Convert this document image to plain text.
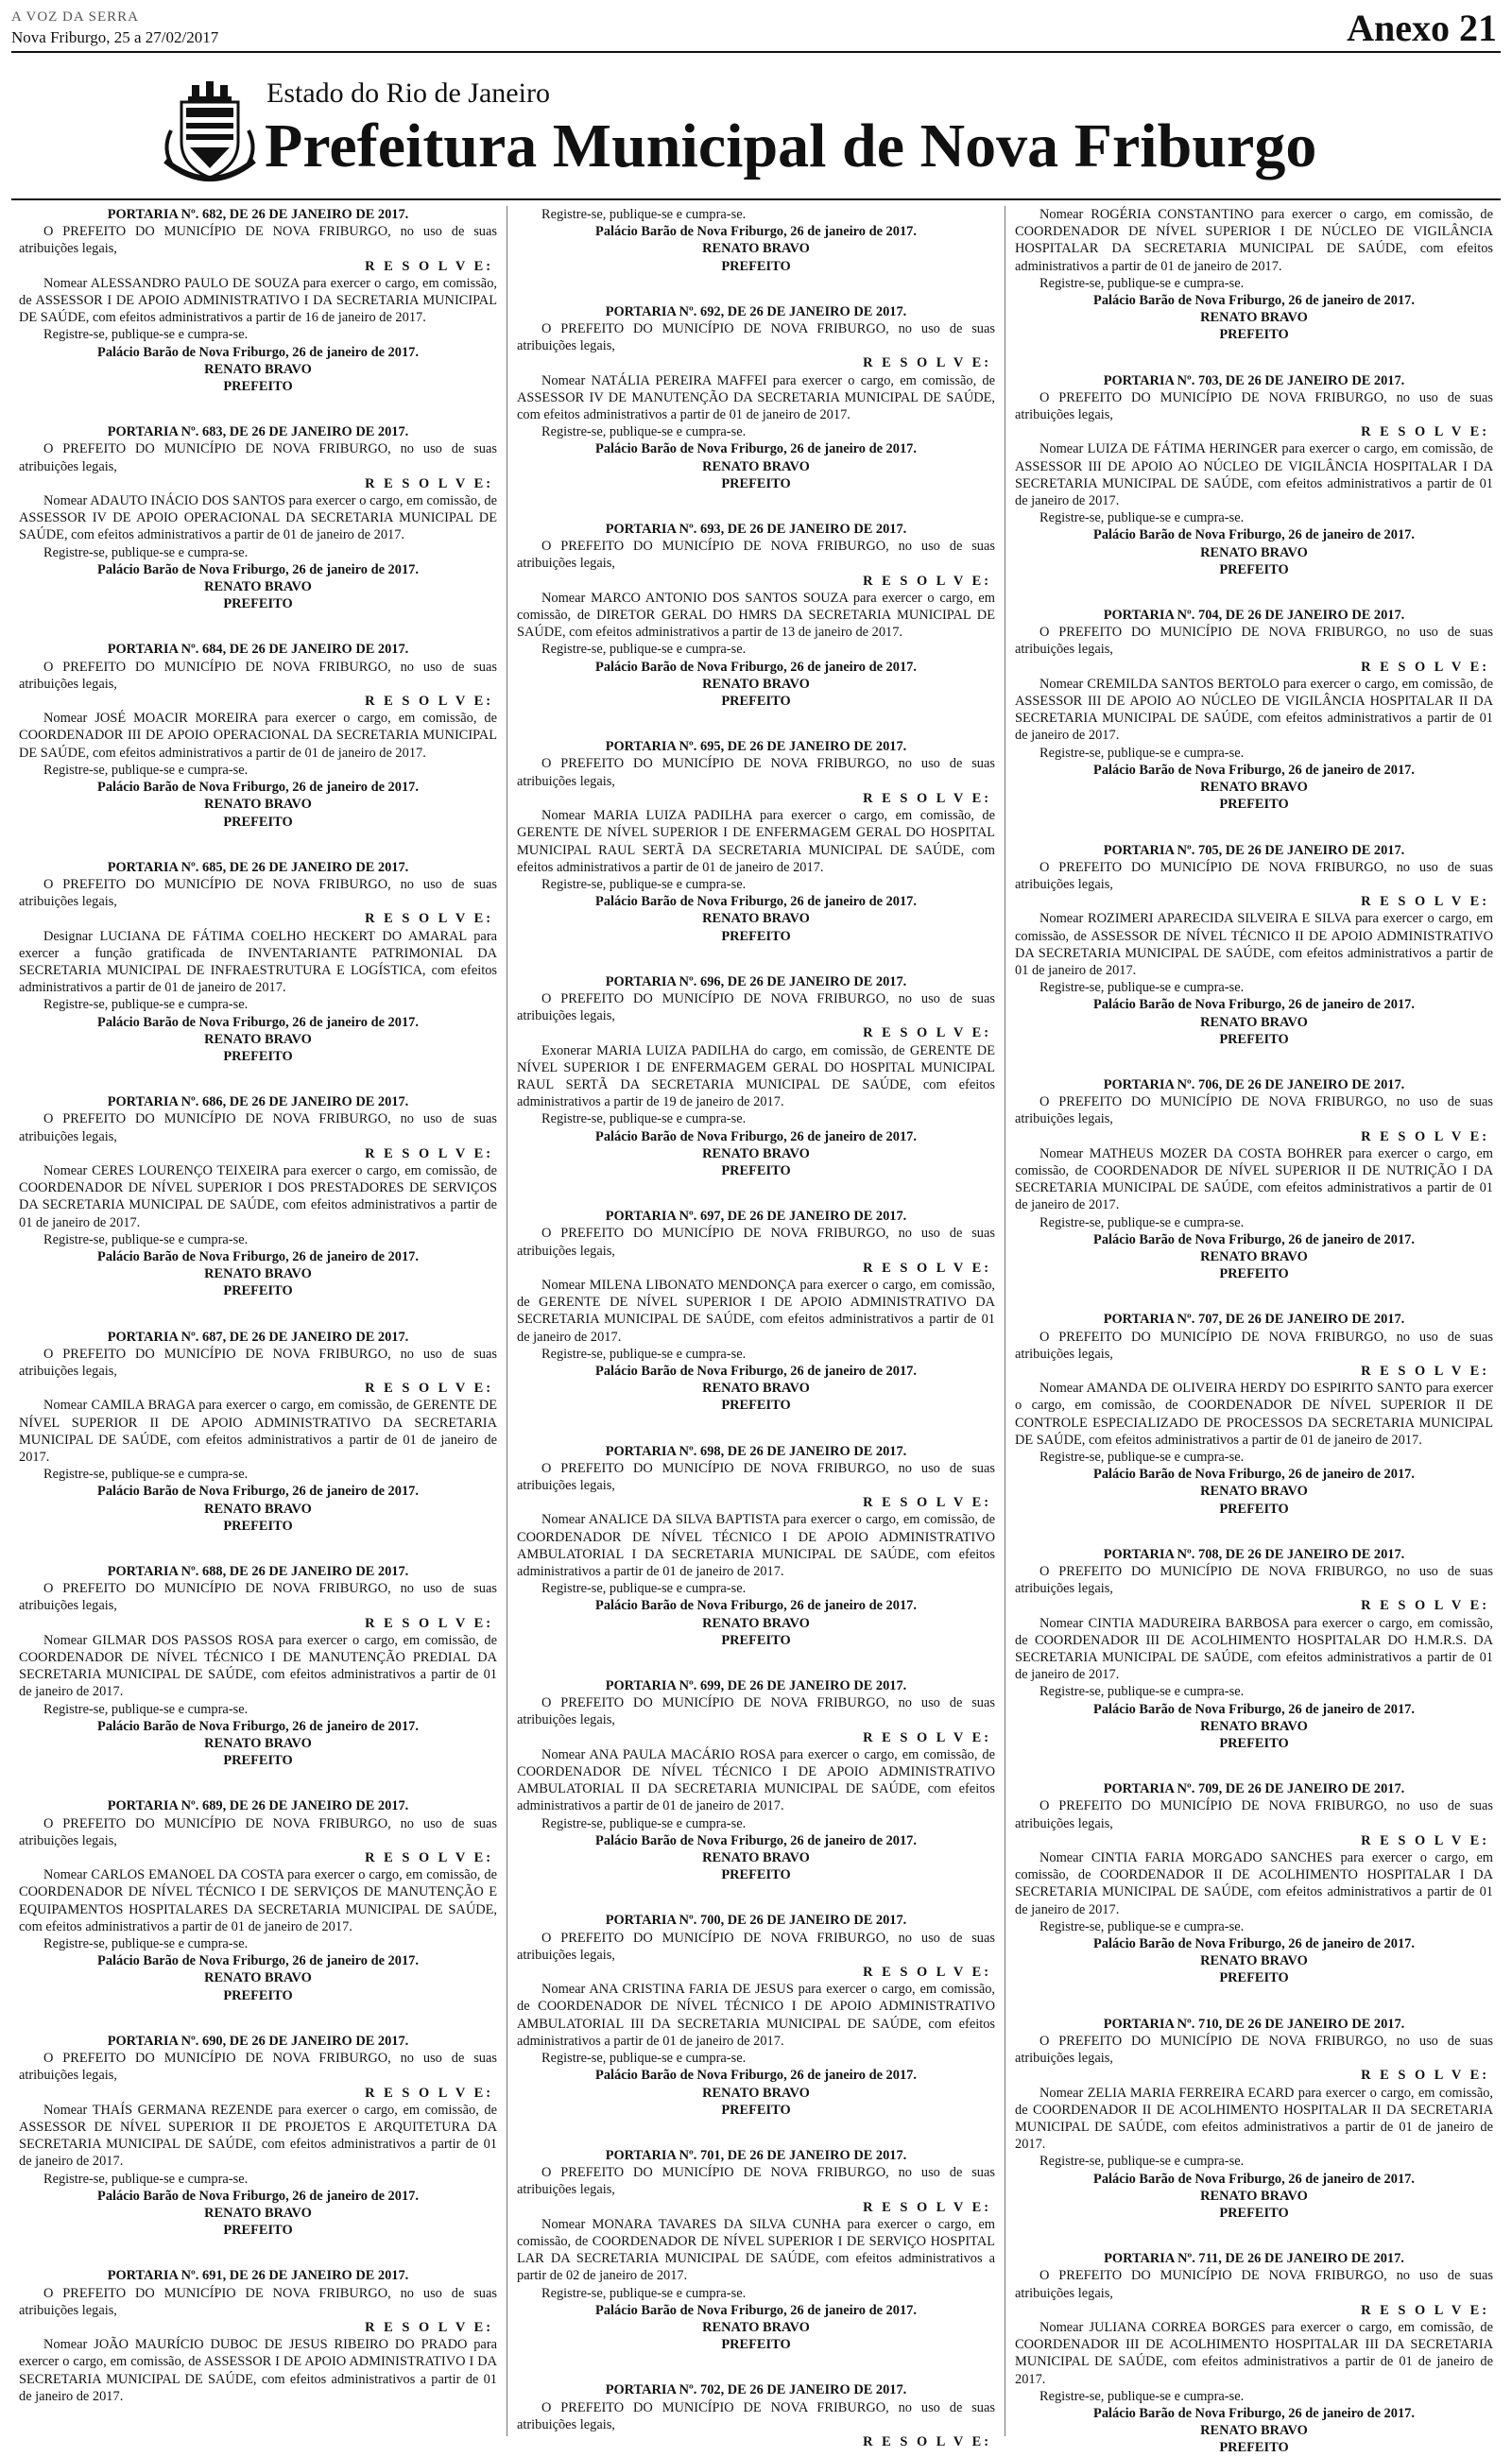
A VOZ DA SERRA
Nova Friburgo, 25 a 27/02/2017	Anexo 21
Estado do Rio de Janeiro
Prefeitura Municipal de Nova Friburgo
PORTARIA Nº. 682, DE 26 DE JANEIRO DE 2017.
O PREFEITO DO MUNICÍPIO DE NOVA FRIBURGO, no uso de suas atribuições legais,
R E S O L V E:
Nomear ALESSANDRO PAULO DE SOUZA para exercer o cargo, em comissão, de ASSESSOR I DE APOIO ADMINISTRATIVO I DA SECRETARIA MUNICIPAL DE SAÚDE, com efeitos administrativos a partir de 16 de janeiro de 2017.
Registre-se, publique-se e cumpra-se.
Palácio Barão de Nova Friburgo, 26 de janeiro de 2017.
RENATO BRAVO
PREFEITO
PORTARIA Nº. 683, DE 26 DE JANEIRO DE 2017.
O PREFEITO DO MUNICÍPIO DE NOVA FRIBURGO, no uso de suas atribuições legais,
R E S O L V E:
Nomear ADAUTO INÁCIO DOS SANTOS para exercer o cargo, em comissão, de ASSESSOR IV DE APOIO OPERACIONAL DA SECRETARIA MUNICIPAL DE SAÚDE, com efeitos administrativos a partir de 01 de janeiro de 2017.
Registre-se, publique-se e cumpra-se.
Palácio Barão de Nova Friburgo, 26 de janeiro de 2017.
RENATO BRAVO
PREFEITO
PORTARIA Nº. 684, DE 26 DE JANEIRO DE 2017.
O PREFEITO DO MUNICÍPIO DE NOVA FRIBURGO, no uso de suas atribuições legais,
R E S O L V E:
Nomear JOSÉ MOACIR MOREIRA para exercer o cargo, em comissão, de COORDENADOR III DE APOIO OPERACIONAL DA SECRETARIA MUNICIPAL DE SAÚDE, com efeitos administrativos a partir de 01 de janeiro de 2017.
Registre-se, publique-se e cumpra-se.
Palácio Barão de Nova Friburgo, 26 de janeiro de 2017.
RENATO BRAVO
PREFEITO
PORTARIA Nº. 685, DE 26 DE JANEIRO DE 2017.
O PREFEITO DO MUNICÍPIO DE NOVA FRIBURGO, no uso de suas atribuições legais,
R E S O L V E:
Designar LUCIANA DE FÁTIMA COELHO HECKERT DO AMARAL para exercer a função gratificada de INVENTARIANTE PATRIMONIAL DA SECRETARIA MUNICIPAL DE INFRAESTRUTURA E LOGÍSTICA, com efeitos administrativos a partir de 01 de janeiro de 2017.
Registre-se, publique-se e cumpra-se.
Palácio Barão de Nova Friburgo, 26 de janeiro de 2017.
RENATO BRAVO
PREFEITO
PORTARIA Nº. 686, DE 26 DE JANEIRO DE 2017.
O PREFEITO DO MUNICÍPIO DE NOVA FRIBURGO, no uso de suas atribuições legais,
R E S O L V E:
Nomear CERES LOURENÇO TEIXEIRA para exercer o cargo, em comissão, de COORDENADOR DE NÍVEL SUPERIOR I DOS PRESTADORES DE SERVIÇOS DA SECRETARIA MUNICIPAL DE SAÚDE, com efeitos administrativos a partir de 01 de janeiro de 2017.
Registre-se, publique-se e cumpra-se.
Palácio Barão de Nova Friburgo, 26 de janeiro de 2017.
RENATO BRAVO
PREFEITO
PORTARIA Nº. 687, DE 26 DE JANEIRO DE 2017.
O PREFEITO DO MUNICÍPIO DE NOVA FRIBURGO, no uso de suas atribuições legais,
R E S O L V E:
Nomear CAMILA BRAGA para exercer o cargo, em comissão, de GERENTE DE NÍVEL SUPERIOR II DE APOIO ADMINISTRATIVO DA SECRETARIA MUNICIPAL DE SAÚDE, com efeitos administrativos a partir de 01 de janeiro de 2017.
Registre-se, publique-se e cumpra-se.
Palácio Barão de Nova Friburgo, 26 de janeiro de 2017.
RENATO BRAVO
PREFEITO
PORTARIA Nº. 688, DE 26 DE JANEIRO DE 2017.
O PREFEITO DO MUNICÍPIO DE NOVA FRIBURGO, no uso de suas atribuições legais,
R E S O L V E:
Nomear GILMAR DOS PASSOS ROSA para exercer o cargo, em comissão, de COORDENADOR DE NÍVEL TÉCNICO I DE MANUTENÇÃO PREDIAL DA SECRETARIA MUNICIPAL DE SAÚDE, com efeitos administrativos a partir de 01 de janeiro de 2017.
Registre-se, publique-se e cumpra-se.
Palácio Barão de Nova Friburgo, 26 de janeiro de 2017.
RENATO BRAVO
PREFEITO
PORTARIA Nº. 689, DE 26 DE JANEIRO DE 2017.
O PREFEITO DO MUNICÍPIO DE NOVA FRIBURGO, no uso de suas atribuições legais,
R E S O L V E:
Nomear CARLOS EMANOEL DA COSTA para exercer o cargo, em comissão, de COORDENADOR DE NÍVEL TÉCNICO I DE SERVIÇOS DE MANUTENÇÃO E EQUIPAMENTOS HOSPITALARES DA SECRETARIA MUNICIPAL DE SAÚDE, com efeitos administrativos a partir de 01 de janeiro de 2017.
Registre-se, publique-se e cumpra-se.
Palácio Barão de Nova Friburgo, 26 de janeiro de 2017.
RENATO BRAVO
PREFEITO
PORTARIA Nº. 690, DE 26 DE JANEIRO DE 2017.
O PREFEITO DO MUNICÍPIO DE NOVA FRIBURGO, no uso de suas atribuições legais,
R E S O L V E:
Nomear THAÍS GERMANA REZENDE para exercer o cargo, em comissão, de ASSESSOR DE NÍVEL SUPERIOR II DE PROJETOS E ARQUITETURA DA SECRETARIA MUNICIPAL DE SAÚDE, com efeitos administrativos a partir de 01 de janeiro de 2017.
Registre-se, publique-se e cumpra-se.
Palácio Barão de Nova Friburgo, 26 de janeiro de 2017.
RENATO BRAVO
PREFEITO
PORTARIA Nº. 691, DE 26 DE JANEIRO DE 2017.
O PREFEITO DO MUNICÍPIO DE NOVA FRIBURGO, no uso de suas atribuições legais,
R E S O L V E:
Nomear JOÃO MAURÍCIO DUBOC DE JESUS RIBEIRO DO PRADO para exercer o cargo, em comissão, de ASSESSOR I DE APOIO ADMINISTRATIVO I DA SECRETARIA MUNICIPAL DE SAÚDE, com efeitos administrativos a partir de 01 de janeiro de 2017.
Registre-se, publique-se e cumpra-se.
Palácio Barão de Nova Friburgo, 26 de janeiro de 2017.
RENATO BRAVO
PREFEITO
PORTARIA Nº. 692, DE 26 DE JANEIRO DE 2017.
O PREFEITO DO MUNICÍPIO DE NOVA FRIBURGO, no uso de suas atribuições legais,
R E S O L V E:
Nomear NATÁLIA PEREIRA MAFFEI para exercer o cargo, em comissão, de ASSESSOR IV DE MANUTENÇÃO DA SECRETARIA MUNICIPAL DE SAÚDE, com efeitos administrativos a partir de 01 de janeiro de 2017.
Registre-se, publique-se e cumpra-se.
Palácio Barão de Nova Friburgo, 26 de janeiro de 2017.
RENATO BRAVO
PREFEITO
PORTARIA Nº. 693, DE 26 DE JANEIRO DE 2017.
O PREFEITO DO MUNICÍPIO DE NOVA FRIBURGO, no uso de suas atribuições legais,
R E S O L V E:
Nomear MARCO ANTONIO DOS SANTOS SOUZA para exercer o cargo, em comissão, de DIRETOR GERAL DO HMRS DA SECRETARIA MUNICIPAL DE SAÚDE, com efeitos administrativos a partir de 13 de janeiro de 2017.
Registre-se, publique-se e cumpra-se.
Palácio Barão de Nova Friburgo, 26 de janeiro de 2017.
RENATO BRAVO
PREFEITO
PORTARIA Nº. 695, DE 26 DE JANEIRO DE 2017.
O PREFEITO DO MUNICÍPIO DE NOVA FRIBURGO, no uso de suas atribuições legais,
R E S O L V E:
Nomear MARIA LUIZA PADILHA para exercer o cargo, em comissão, de GERENTE DE NÍVEL SUPERIOR I DE ENFERMAGEM GERAL DO HOSPITAL MUNICIPAL RAUL SERTÃ DA SECRETARIA MUNICIPAL DE SAÚDE, com efeitos administrativos a partir de 01 de janeiro de 2017.
Registre-se, publique-se e cumpra-se.
Palácio Barão de Nova Friburgo, 26 de janeiro de 2017.
RENATO BRAVO
PREFEITO
PORTARIA Nº. 696, DE 26 DE JANEIRO DE 2017.
O PREFEITO DO MUNICÍPIO DE NOVA FRIBURGO, no uso de suas atribuições legais,
R E S O L V E:
Exonerar MARIA LUIZA PADILHA do cargo, em comissão, de GERENTE DE NÍVEL SUPERIOR I DE ENFERMAGEM GERAL DO HOSPITAL MUNICIPAL RAUL SERTÃ DA SECRETARIA MUNICIPAL DE SAÚDE, com efeitos administrativos a partir de 19 de janeiro de 2017.
Registre-se, publique-se e cumpra-se.
Palácio Barão de Nova Friburgo, 26 de janeiro de 2017.
RENATO BRAVO
PREFEITO
PORTARIA Nº. 697, DE 26 DE JANEIRO DE 2017.
O PREFEITO DO MUNICÍPIO DE NOVA FRIBURGO, no uso de suas atribuições legais,
R E S O L V E:
Nomear MILENA LIBONATO MENDONÇA para exercer o cargo, em comissão, de GERENTE DE NÍVEL SUPERIOR I DE APOIO ADMINISTRATIVO DA SECRETARIA MUNICIPAL DE SAÚDE, com efeitos administrativos a partir de 01 de janeiro de 2017.
Registre-se, publique-se e cumpra-se.
Palácio Barão de Nova Friburgo, 26 de janeiro de 2017.
RENATO BRAVO
PREFEITO
PORTARIA Nº. 698, DE 26 DE JANEIRO DE 2017.
O PREFEITO DO MUNICÍPIO DE NOVA FRIBURGO, no uso de suas atribuições legais,
R E S O L V E:
Nomear ANALICE DA SILVA BAPTISTA para exercer o cargo, em comissão, de COORDENADOR DE NÍVEL TÉCNICO I DE APOIO ADMINISTRATIVO AMBULATORIAL I DA SECRETARIA MUNICIPAL DE SAÚDE, com efeitos administrativos a partir de 01 de janeiro de 2017.
Registre-se, publique-se e cumpra-se.
Palácio Barão de Nova Friburgo, 26 de janeiro de 2017.
RENATO BRAVO
PREFEITO
PORTARIA Nº. 699, DE 26 DE JANEIRO DE 2017.
O PREFEITO DO MUNICÍPIO DE NOVA FRIBURGO, no uso de suas atribuições legais,
R E S O L V E:
Nomear ANA PAULA MACÁRIO ROSA para exercer o cargo, em comissão, de COORDENADOR DE NÍVEL TÉCNICO I DE APOIO ADMINISTRATIVO AMBULATORIAL II DA SECRETARIA MUNICIPAL DE SAÚDE, com efeitos administrativos a partir de 01 de janeiro de 2017.
Registre-se, publique-se e cumpra-se.
Palácio Barão de Nova Friburgo, 26 de janeiro de 2017.
RENATO BRAVO
PREFEITO
PORTARIA Nº. 700, DE 26 DE JANEIRO DE 2017.
O PREFEITO DO MUNICÍPIO DE NOVA FRIBURGO, no uso de suas atribuições legais,
R E S O L V E:
Nomear ANA CRISTINA FARIA DE JESUS para exercer o cargo, em comissão, de COORDENADOR DE NÍVEL TÉCNICO I DE APOIO ADMINISTRATIVO AMBULATORIAL III DA SECRETARIA MUNICIPAL DE SAÚDE, com efeitos administrativos a partir de 01 de janeiro de 2017.
Registre-se, publique-se e cumpra-se.
Palácio Barão de Nova Friburgo, 26 de janeiro de 2017.
RENATO BRAVO
PREFEITO
PORTARIA Nº. 701, DE 26 DE JANEIRO DE 2017.
O PREFEITO DO MUNICÍPIO DE NOVA FRIBURGO, no uso de suas atribuições legais,
R E S O L V E:
Nomear MONARA TAVARES DA SILVA CUNHA para exercer o cargo, em comissão, de COORDENADOR DE NÍVEL SUPERIOR I DE SERVIÇO HOSPITAL LAR DA SECRETARIA MUNICIPAL DE SAÚDE, com efeitos administrativos a partir de 02 de janeiro de 2017.
Registre-se, publique-se e cumpra-se.
Palácio Barão de Nova Friburgo, 26 de janeiro de 2017.
RENATO BRAVO
PREFEITO
PORTARIA Nº. 702, DE 26 DE JANEIRO DE 2017.
O PREFEITO DO MUNICÍPIO DE NOVA FRIBURGO, no uso de suas atribuições legais,
R E S O L V E:
Nomear ROGÉRIA CONSTANTINO para exercer o cargo, em comissão, de COORDENADOR DE NÍVEL SUPERIOR I DE NÚCLEO DE VIGILÂNCIA HOSPITALAR DA SECRETARIA MUNICIPAL DE SAÚDE, com efeitos administrativos a partir de 01 de janeiro de 2017.
Registre-se, publique-se e cumpra-se.
Palácio Barão de Nova Friburgo, 26 de janeiro de 2017.
RENATO BRAVO
PREFEITO
PORTARIA Nº. 703, DE 26 DE JANEIRO DE 2017.
O PREFEITO DO MUNICÍPIO DE NOVA FRIBURGO, no uso de suas atribuições legais,
R E S O L V E:
Nomear LUIZA DE FÁTIMA HERINGER para exercer o cargo, em comissão, de ASSESSOR III DE APOIO AO NÚCLEO DE VIGILÂNCIA HOSPITALAR I DA SECRETARIA MUNICIPAL DE SAÚDE, com efeitos administrativos a partir de 01 de janeiro de 2017.
Registre-se, publique-se e cumpra-se.
Palácio Barão de Nova Friburgo, 26 de janeiro de 2017.
RENATO BRAVO
PREFEITO
PORTARIA Nº. 704, DE 26 DE JANEIRO DE 2017.
O PREFEITO DO MUNICÍPIO DE NOVA FRIBURGO, no uso de suas atribuições legais,
R E S O L V E:
Nomear CREMILDA SANTOS BERTOLO para exercer o cargo, em comissão, de ASSESSOR III DE APOIO AO NÚCLEO DE VIGILÂNCIA HOSPITALAR II DA SECRETARIA MUNICIPAL DE SAÚDE, com efeitos administrativos a partir de 01 de janeiro de 2017.
Registre-se, publique-se e cumpra-se.
Palácio Barão de Nova Friburgo, 26 de janeiro de 2017.
RENATO BRAVO
PREFEITO
PORTARIA Nº. 705, DE 26 DE JANEIRO DE 2017.
O PREFEITO DO MUNICÍPIO DE NOVA FRIBURGO, no uso de suas atribuições legais,
R E S O L V E:
Nomear ROZIMERI APARECIDA SILVEIRA E SILVA para exercer o cargo, em comissão, de ASSESSOR DE NÍVEL TÉCNICO II DE APOIO ADMINISTRATIVO DA SECRETARIA MUNICIPAL DE SAÚDE, com efeitos administrativos a partir de 01 de janeiro de 2017.
Registre-se, publique-se e cumpra-se.
Palácio Barão de Nova Friburgo, 26 de janeiro de 2017.
RENATO BRAVO
PREFEITO
PORTARIA Nº. 706, DE 26 DE JANEIRO DE 2017.
O PREFEITO DO MUNICÍPIO DE NOVA FRIBURGO, no uso de suas atribuições legais,
R E S O L V E:
Nomear MATHEUS MOZER DA COSTA BOHRER para exercer o cargo, em comissão, de COORDENADOR DE NÍVEL SUPERIOR II DE NUTRIÇÃO I DA SECRETARIA MUNICIPAL DE SAÚDE, com efeitos administrativos a partir de 01 de janeiro de 2017.
Registre-se, publique-se e cumpra-se.
Palácio Barão de Nova Friburgo, 26 de janeiro de 2017.
RENATO BRAVO
PREFEITO
PORTARIA Nº. 707, DE 26 DE JANEIRO DE 2017.
O PREFEITO DO MUNICÍPIO DE NOVA FRIBURGO, no uso de suas atribuições legais,
R E S O L V E:
Nomear AMANDA DE OLIVEIRA HERDY DO ESPIRITO SANTO para exercer o cargo, em comissão, de COORDENADOR DE NÍVEL SUPERIOR II DE CONTROLE ESPECIALIZADO DE PROCESSOS DA SECRETARIA MUNICIPAL DE SAÚDE, com efeitos administrativos a partir de 01 de janeiro de 2017.
Registre-se, publique-se e cumpra-se.
Palácio Barão de Nova Friburgo, 26 de janeiro de 2017.
RENATO BRAVO
PREFEITO
PORTARIA Nº. 708, DE 26 DE JANEIRO DE 2017.
O PREFEITO DO MUNICÍPIO DE NOVA FRIBURGO, no uso de suas atribuições legais,
R E S O L V E:
Nomear CINTIA MADUREIRA BARBOSA para exercer o cargo, em comissão, de COORDENADOR III DE ACOLHIMENTO HOSPITALAR DO H.M.R.S. DA SECRETARIA MUNICIPAL DE SAÚDE, com efeitos administrativos a partir de 01 de janeiro de 2017.
Registre-se, publique-se e cumpra-se.
Palácio Barão de Nova Friburgo, 26 de janeiro de 2017.
RENATO BRAVO
PREFEITO
PORTARIA Nº. 709, DE 26 DE JANEIRO DE 2017.
O PREFEITO DO MUNICÍPIO DE NOVA FRIBURGO, no uso de suas atribuições legais,
R E S O L V E:
Nomear CINTIA FARIA MORGADO SANCHES para exercer o cargo, em comissão, de COORDENADOR II DE ACOLHIMENTO HOSPITALAR I DA SECRETARIA MUNICIPAL DE SAÚDE, com efeitos administrativos a partir de 01 de janeiro de 2017.
Registre-se, publique-se e cumpra-se.
Palácio Barão de Nova Friburgo, 26 de janeiro de 2017.
RENATO BRAVO
PREFEITO
PORTARIA Nº. 710, DE 26 DE JANEIRO DE 2017.
O PREFEITO DO MUNICÍPIO DE NOVA FRIBURGO, no uso de suas atribuições legais,
R E S O L V E:
Nomear ZELIA MARIA FERREIRA ECARD para exercer o cargo, em comissão, de COORDENADOR II DE ACOLHIMENTO HOSPITALAR II DA SECRETARIA MUNICIPAL DE SAÚDE, com efeitos administrativos a partir de 01 de janeiro de 2017.
Registre-se, publique-se e cumpra-se.
Palácio Barão de Nova Friburgo, 26 de janeiro de 2017.
RENATO BRAVO
PREFEITO
PORTARIA Nº. 711, DE 26 DE JANEIRO DE 2017.
O PREFEITO DO MUNICÍPIO DE NOVA FRIBURGO, no uso de suas atribuições legais,
R E S O L V E:
Nomear JULIANA CORREA BORGES para exercer o cargo, em comissão, de COORDENADOR III DE ACOLHIMENTO HOSPITALAR III DA SECRETARIA MUNICIPAL DE SAÚDE, com efeitos administrativos a partir de 01 de janeiro de 2017.
Registre-se, publique-se e cumpra-se.
Palácio Barão de Nova Friburgo, 26 de janeiro de 2017.
RENATO BRAVO
PREFEITO
